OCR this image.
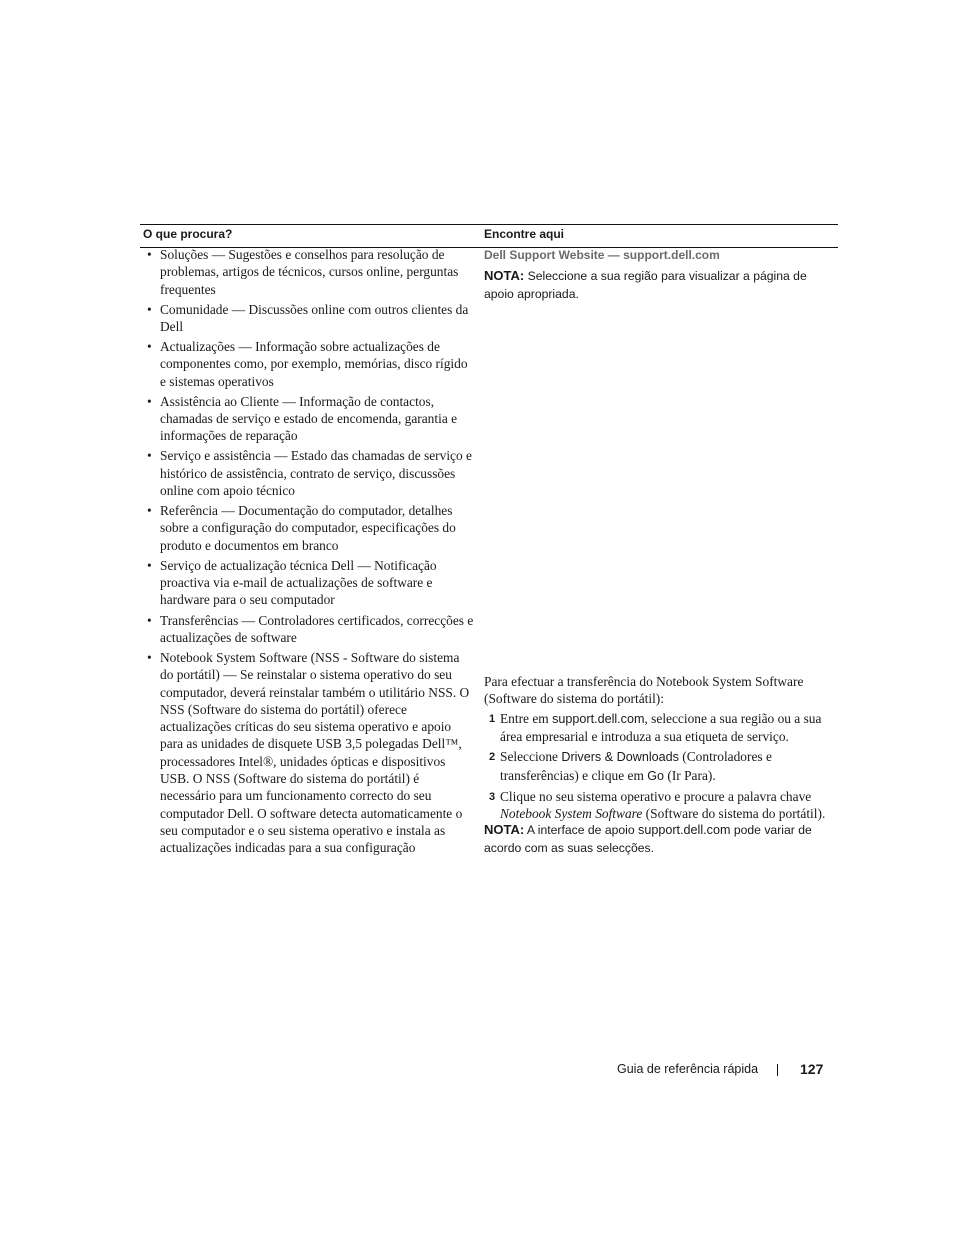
O que procura?	Encontre aqui
• Soluções — Sugestões e conselhos para resolução de problemas, artigos de técnicos, cursos online, perguntas frequentes
• Comunidade — Discussões online com outros clientes da Dell
• Actualizações — Informação sobre actualizações de componentes como, por exemplo, memórias, disco rígido e sistemas operativos
• Assistência ao Cliente — Informação de contactos, chamadas de serviço e estado de encomenda, garantia e informações de reparação
• Serviço e assistência — Estado das chamadas de serviço e histórico de assistência, contrato de serviço, discussões online com apoio técnico
• Referência — Documentação do computador, detalhes sobre a configuração do computador, especificações do produto e documentos em branco
• Serviço de actualização técnica Dell — Notificação proactiva via e-mail de actualizações de software e hardware para o seu computador
• Transferências — Controladores certificados, correcções e actualizações de software
• Notebook System Software (NSS - Software do sistema do portátil) — Se reinstalar o sistema operativo do seu computador, deverá reinstalar também o utilitário NSS. O NSS (Software do sistema do portátil) oferece actualizações críticas do seu sistema operativo e apoio para as unidades de disquete USB 3,5 polegadas Dell™, processadores Intel®, unidades ópticas e dispositivos USB. O NSS (Software do sistema do portátil) é necessário para um funcionamento correcto do seu computador Dell. O software detecta automaticamente o seu computador e o seu sistema operativo e instala as actualizações indicadas para a sua configuração
Dell Support Website — support.dell.com
NOTA: Seleccione a sua região para visualizar a página de apoio apropriada.
Para efectuar a transferência do Notebook System Software (Software do sistema do portátil):
1 Entre em support.dell.com, seleccione a sua região ou a sua área empresarial e introduza a sua etiqueta de serviço.
2 Seleccione Drivers & Downloads (Controladores e transferências) e clique em Go (Ir Para).
3 Clique no seu sistema operativo e procure a palavra chave Notebook System Software (Software do sistema do portátil).
NOTA: A interface de apoio support.dell.com pode variar de acordo com as suas selecções.
Guia de referência rápida	127
